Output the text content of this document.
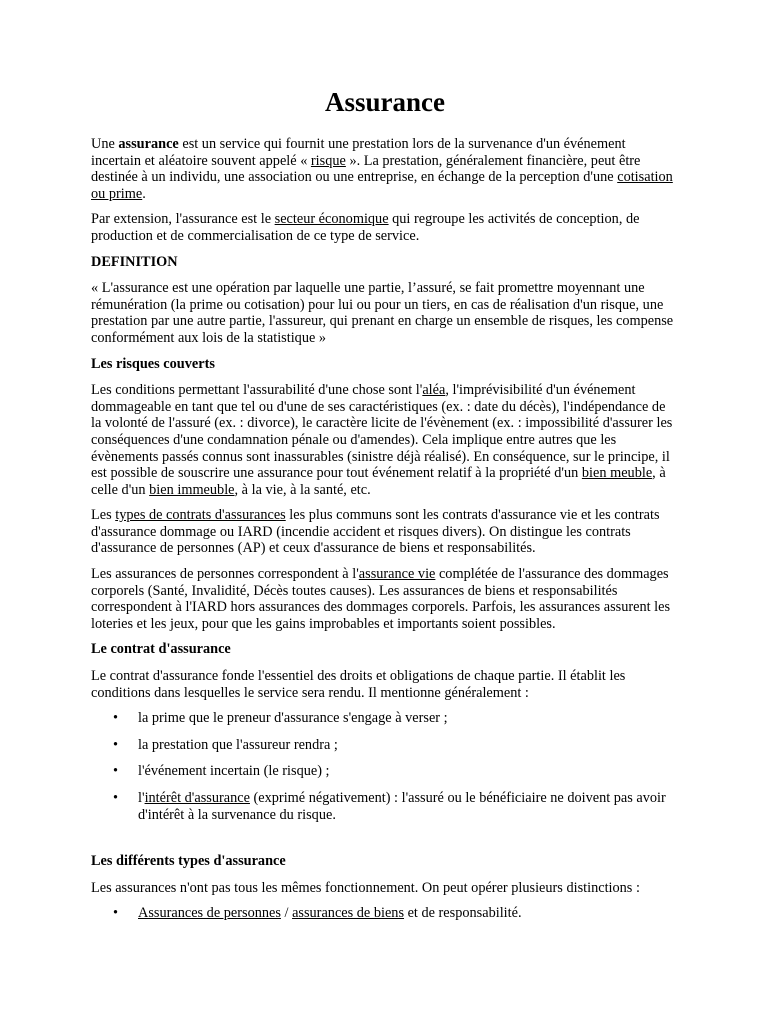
Assurance

Une assurance est un service qui fournit une prestation lors de la survenance d'un événement incertain et aléatoire souvent appelé « risque ». La prestation, généralement financière, peut être destinée à un individu, une association ou une entreprise, en échange de la perception d'une cotisation ou prime.

Par extension, l'assurance est le secteur économique qui regroupe les activités de conception, de production et de commercialisation de ce type de service.

DEFINITION

« L'assurance est une opération par laquelle une partie, l’assuré, se fait promettre moyennant une rémunération (la prime ou cotisation) pour lui ou pour un tiers, en cas de réalisation d'un risque, une prestation par une autre partie, l'assureur, qui prenant en charge un ensemble de risques, les compense conformément aux lois de la statistique »

Les risques couverts

Les conditions permettant l'assurabilité d'une chose sont l'aléa, l'imprévisibilité d'un événement dommageable en tant que tel ou d'une de ses caractéristiques (ex. : date du décès), l'indépendance de la volonté de l'assuré (ex. : divorce), le caractère licite de l'évènement (ex. : impossibilité d'assurer les conséquences d'une condamnation pénale ou d'amendes). Cela implique entre autres que les évènements passés connus sont inassurables (sinistre déjà réalisé). En conséquence, sur le principe, il est possible de souscrire une assurance pour tout événement relatif à la propriété d'un bien meuble, à celle d'un bien immeuble, à la vie, à la santé, etc.

Les types de contrats d'assurances les plus communs sont les contrats d'assurance vie et les contrats d'assurance dommage ou IARD (incendie accident et risques divers). On distingue les contrats d'assurance de personnes (AP) et ceux d'assurance de biens et responsabilités.

Les assurances de personnes correspondent à l'assurance vie complétée de l'assurance des dommages corporels (Santé, Invalidité, Décès toutes causes). Les assurances de biens et responsabilités correspondent à l'IARD hors assurances des dommages corporels. Parfois, les assurances assurent les loteries et les jeux, pour que les gains improbables et importants soient possibles.

Le contrat d'assurance

Le contrat d'assurance fonde l'essentiel des droits et obligations de chaque partie. Il établit les conditions dans lesquelles le service sera rendu. Il mentionne généralement :

• la prime que le preneur d'assurance s'engage à verser ;
• la prestation que l'assureur rendra ;
• l'événement incertain (le risque) ;
• l'intérêt d'assurance (exprimé négativement) : l'assuré ou le bénéficiaire ne doivent pas avoir d'intérêt à la survenance du risque.

Les différents types d'assurance

Les assurances n'ont pas tous les mêmes fonctionnement. On peut opérer plusieurs distinctions :

• Assurances de personnes / assurances de biens et de responsabilité.
